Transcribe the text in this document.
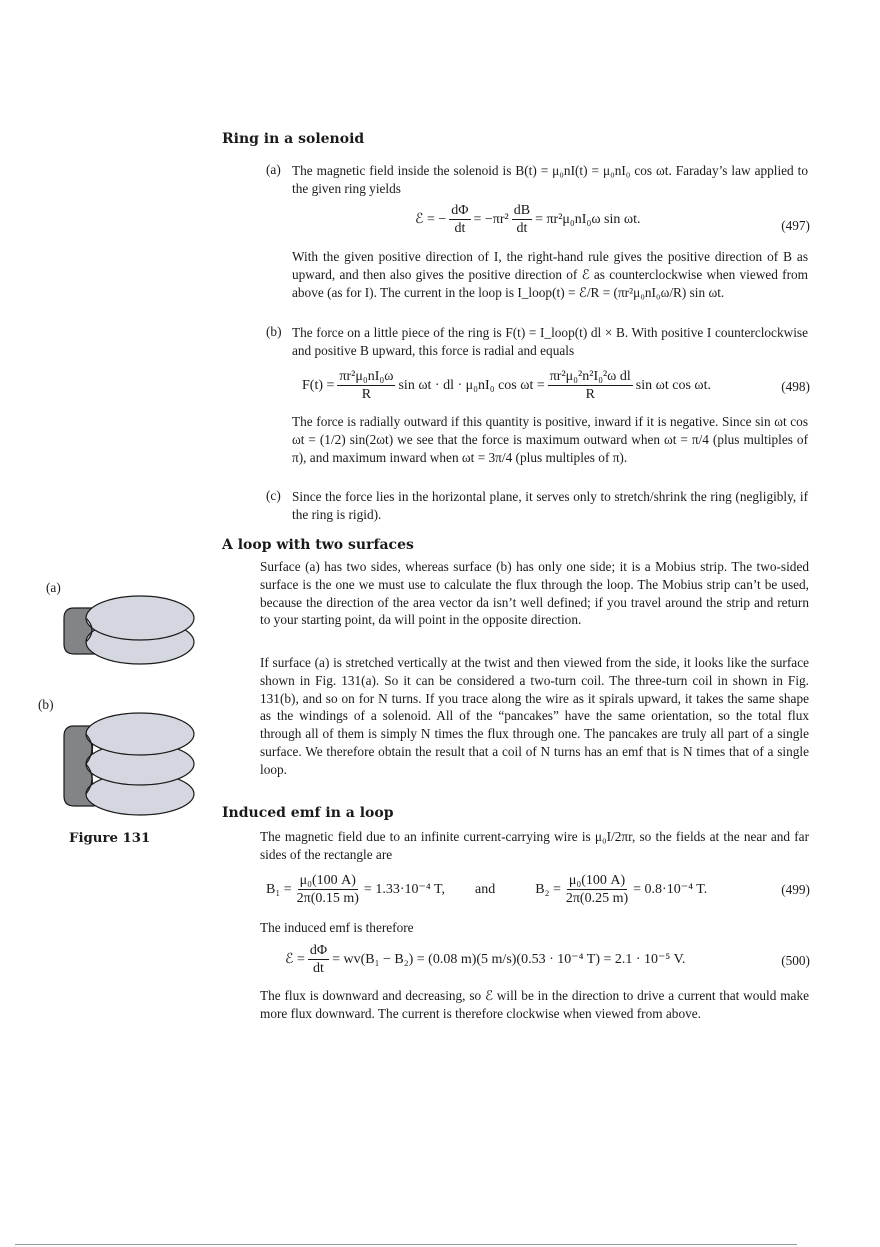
Ring in a solenoid
(a) The magnetic field inside the solenoid is B(t) = μ₀nI(t) = μ₀nI₀ cos ωt. Faraday’s law applied to the given ring yields
ℰ = − $\frac{d\Phi}{dt} = -\pi r^2 \frac{dB}{dt} = \pi r^2\mu_0nI_0\omega$ sin ωt.	(497)
With the given positive direction of I, the right-hand rule gives the positive direction of B as upward, and then also gives the positive direction of ℰ as counterclockwise when viewed from above (as for I). The current in the loop is I_loop(t) = ℰ/R = (πr²μ₀nI₀ω/R) sin ωt.
(b) The force on a little piece of the ring is F(t) = I_loop(t) dl × B. With positive I counterclockwise and positive B upward, this force is radial and equals
$F(t) = \frac{\text{πr²μ₀nI₀ω}}{R}$ sin ωt · dl · μ₀nI₀ $\cos \omega t = \frac{\text{πr²μ₀²n²I₀²ω dl}}{R}$ sin ωt cos ωt.	(498)
The force is radially outward if this quantity is positive, inward if it is negative. Since sin ωt cos ωt = (1/2) sin(2ωt) we see that the force is maximum outward when ωt = π/4 (plus multiples of π), and maximum inward when ωt = 3π/4 (plus multiples of π).
(c) Since the force lies in the horizontal plane, it serves only to stretch/shrink the ring (negligibly, if the ring is rigid).
A loop with two surfaces
Surface (a) has two sides, whereas surface (b) has only one side; it is a Mobius strip. The two-sided surface is the one we must use to calculate the flux through the loop. The Mobius strip can’t be used, because the direction of the area vector da isn’t well defined; if you travel around the strip and return to your starting point, da will point in the opposite direction.
If surface (a) is stretched vertically at the twist and then viewed from the side, it looks like the surface shown in Fig. 131(a). So it can be considered a two-turn coil. The three-turn coil in shown in Fig. 131(b), and so on for N turns. If you trace along the wire as it spirals upward, it takes the same shape as the windings of a solenoid. All of the “pancakes” have the same orientation, so the total flux through all of them is simply N times the flux through one. The pancakes are truly all part of a single surface. We therefore obtain the result that a coil of N turns has an emf that is N times that of a single loop.
(a)
(b)
Figure 131
Induced emf in a loop
The magnetic field due to an infinite current-carrying wire is μ₀I/2πr, so the fields at the near and far sides of the rectangle are
$B_1 = \frac{\text{μ₀(100 A)}}{2\pi(0.15 m)} = 1.33\cdot 10^{-4}$ T, and	$B_2 = \frac{\text{μ₀(100 A)}}{2\pi(0.25 m)} = 0.8\cdot 10^{-4}$ T.	(499)
The induced emf is therefore
ℰ = $\frac{d\Phi}{dt} = wv(B_1 - B_2) = (0.08$ m)(5 m/s)(0.53 · 10⁻⁴ T) = 2.1 · 10⁻⁵ V.	(500)
The flux is downward and decreasing, so ℰ will be in the direction to drive a current that would make more flux downward. The current is therefore clockwise when viewed from above.
